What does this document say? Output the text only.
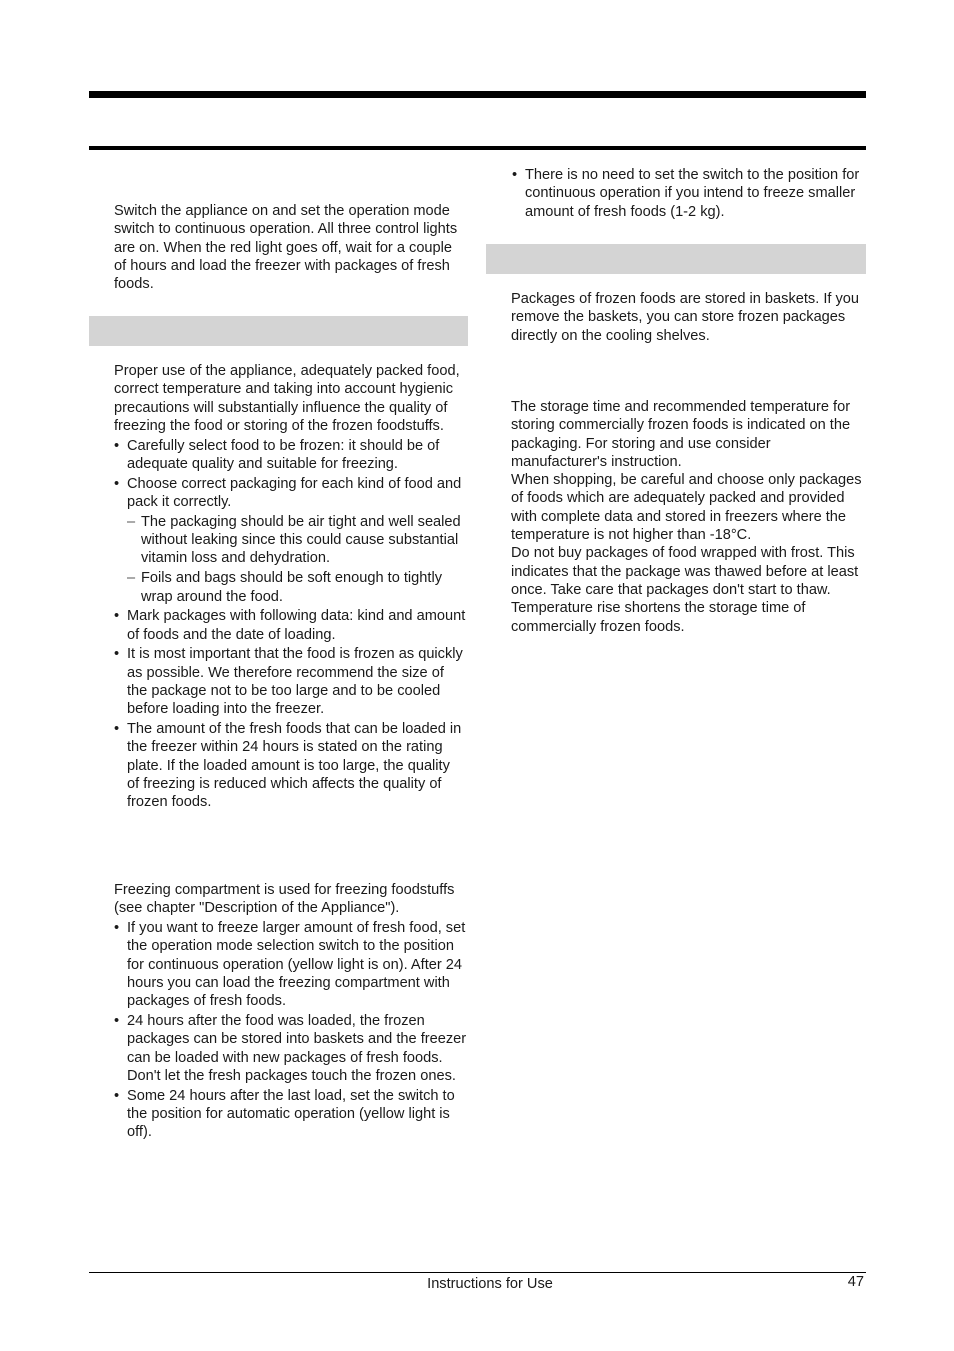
Switch the appliance on and set the operation mode switch to continuous operation. All three control lights are on. When the red light goes off, wait for a couple of hours and load the freezer with packages of fresh foods.

Proper use of the appliance, adequately packed food, correct temperature and taking into account hygienic precautions will substantially influence the quality of freezing the food or storing of the frozen foodstuffs.

• Carefully select food to be frozen: it should be of adequate quality and suitable for freezing.
• Choose correct packaging for each kind of food and pack it correctly.
– The packaging should be air tight and well sealed without leaking since this could cause substantial vitamin loss and dehydration.
– Foils and bags should be soft enough to tightly wrap around the food.
• Mark packages with following data: kind and amount of foods and the date of loading.
• It is most important that the food is frozen as quickly as possible. We therefore recommend the size of the package not to be too large and to be cooled before loading into the freezer.
• The amount of the fresh foods that can be loaded in the freezer within 24 hours is stated on the rating plate. If the loaded amount is too large, the quality of freezing is reduced which affects the quality of frozen foods.

Freezing compartment is used for freezing foodstuffs (see chapter "Description of the Appliance").

• If you want to freeze larger amount of fresh food, set the operation mode selection switch to the position for continuous operation (yellow light is on). After 24 hours you can load the freezing compartment with packages of fresh foods.
• 24 hours after the food was loaded, the frozen packages can be stored into baskets and the freezer can be loaded with new packages of fresh foods. Don't let the fresh packages touch the frozen ones.
• Some 24 hours after the last load, set the switch to the position for automatic operation (yellow light is off).
• There is no need to set the switch to the position for continuous operation if you intend to freeze smaller amount of fresh foods (1-2 kg).

Packages of frozen foods are stored in baskets. If you remove the baskets, you can store frozen packages directly on the cooling shelves.

The storage time and recommended temperature for storing commercially frozen foods is indicated on the packaging. For storing and use consider manufacturer's instruction.

When shopping, be careful and choose only packages of foods which are adequately packed and provided with complete data and stored in freezers where the temperature is not higher than -18°C.

Do not buy packages of food wrapped with frost. This indicates that the package was thawed before at least once. Take care that packages don't start to thaw. Temperature rise shortens the storage time of commercially frozen foods.

Instructions for Use	47
